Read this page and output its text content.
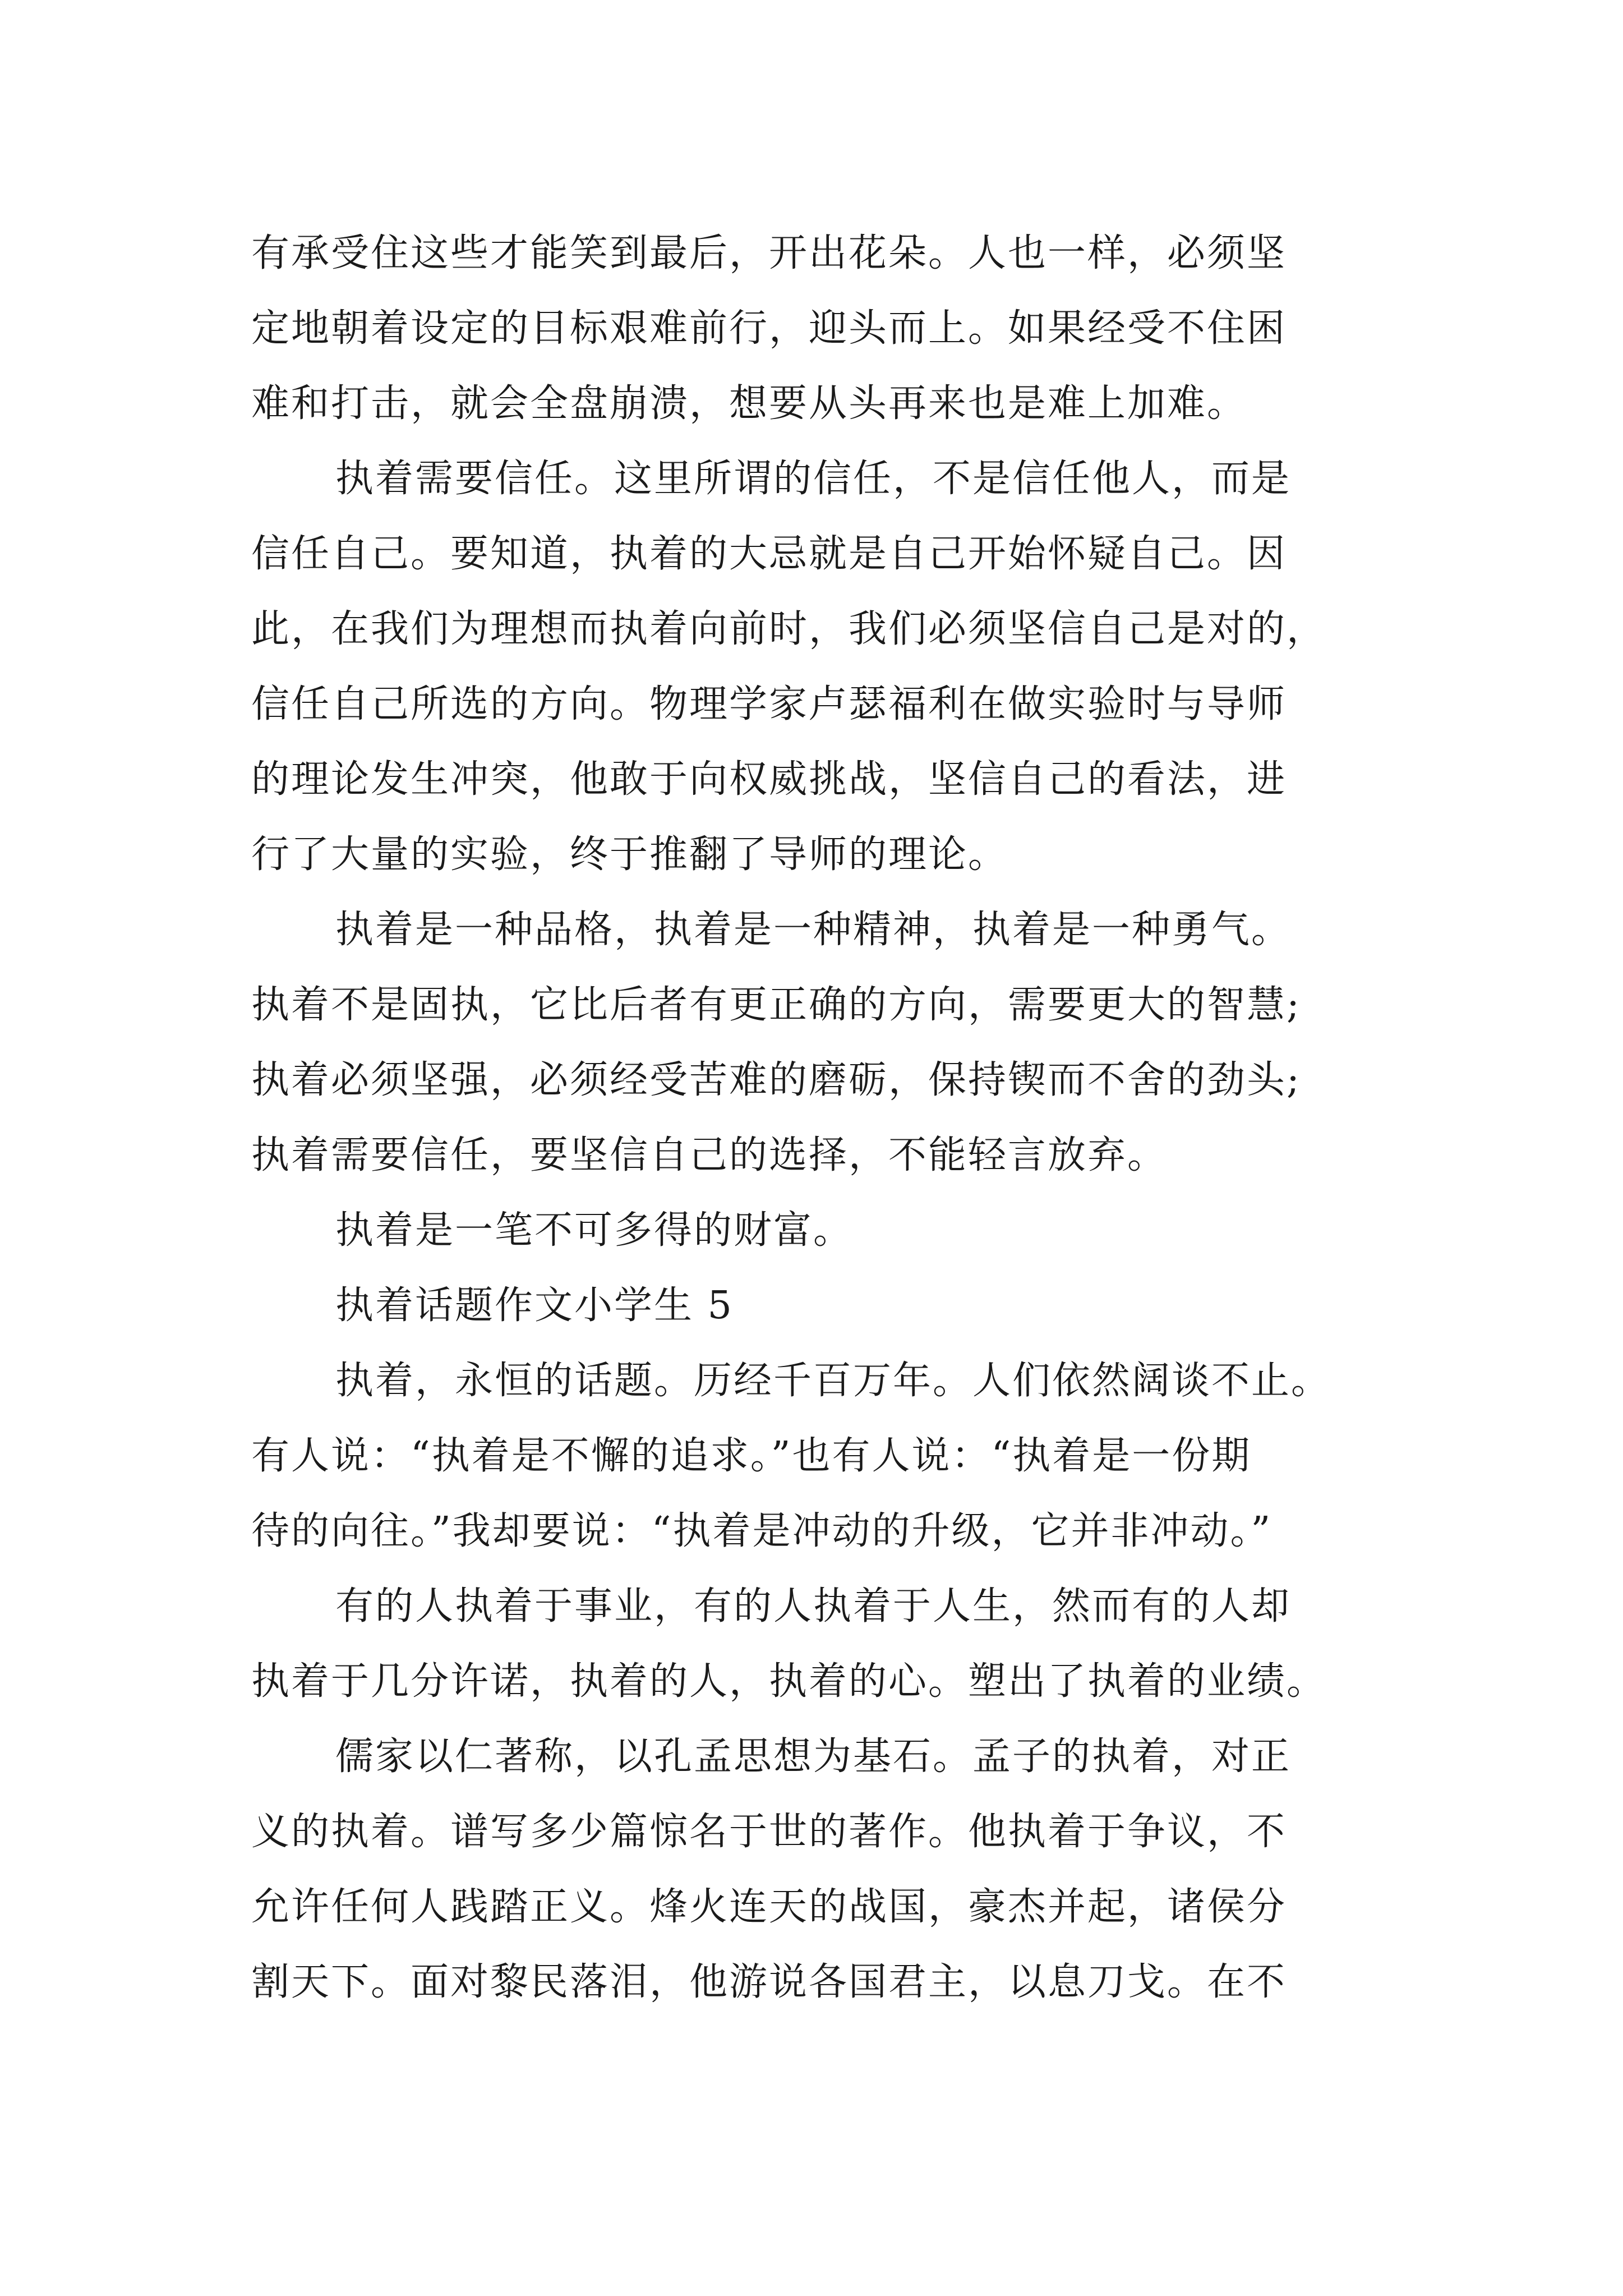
有承受住这些才能笑到最后，开出花朵。人也一样，必须坚
定地朝着设定的目标艰难前行，迎头而上。如果经受不住困
难和打击，就会全盘崩溃，想要从头再来也是难上加难。
执着需要信任。这里所谓的信任，不是信任他人，而是
信任自己。要知道，执着的大忌就是自己开始怀疑自己。因
此，在我们为理想而执着向前时，我们必须坚信自己是对的，
信任自己所选的方向。物理学家卢瑟福利在做实验时与导师
的理论发生冲突，他敢于向权威挑战，坚信自己的看法，进
行了大量的实验，终于推翻了导师的理论。
执着是一种品格，执着是一种精神，执着是一种勇气。
执着不是固执，它比后者有更正确的方向，需要更大的智慧;
执着必须坚强，必须经受苦难的磨砺，保持锲而不舍的劲头;
执着需要信任，要坚信自己的选择，不能轻言放弃。
执着是一笔不可多得的财富。
执着话题作文小学生 5
执着，永恒的话题。历经千百万年。人们依然阔谈不止。
有人说：“执着是不懈的追求。”也有人说：“执着是一份期
待的向往。”我却要说：“执着是冲动的升级，它并非冲动。”
有的人执着于事业，有的人执着于人生，然而有的人却
执着于几分许诺，执着的人，执着的心。塑出了执着的业绩。
儒家以仁著称，以孔孟思想为基石。孟子的执着，对正
义的执着。谱写多少篇惊名于世的著作。他执着于争议，不
允许任何人践踏正义。烽火连天的战国，豪杰并起，诸侯分
割天下。面对黎民落泪，他游说各国君主，以息刀戈。在不
